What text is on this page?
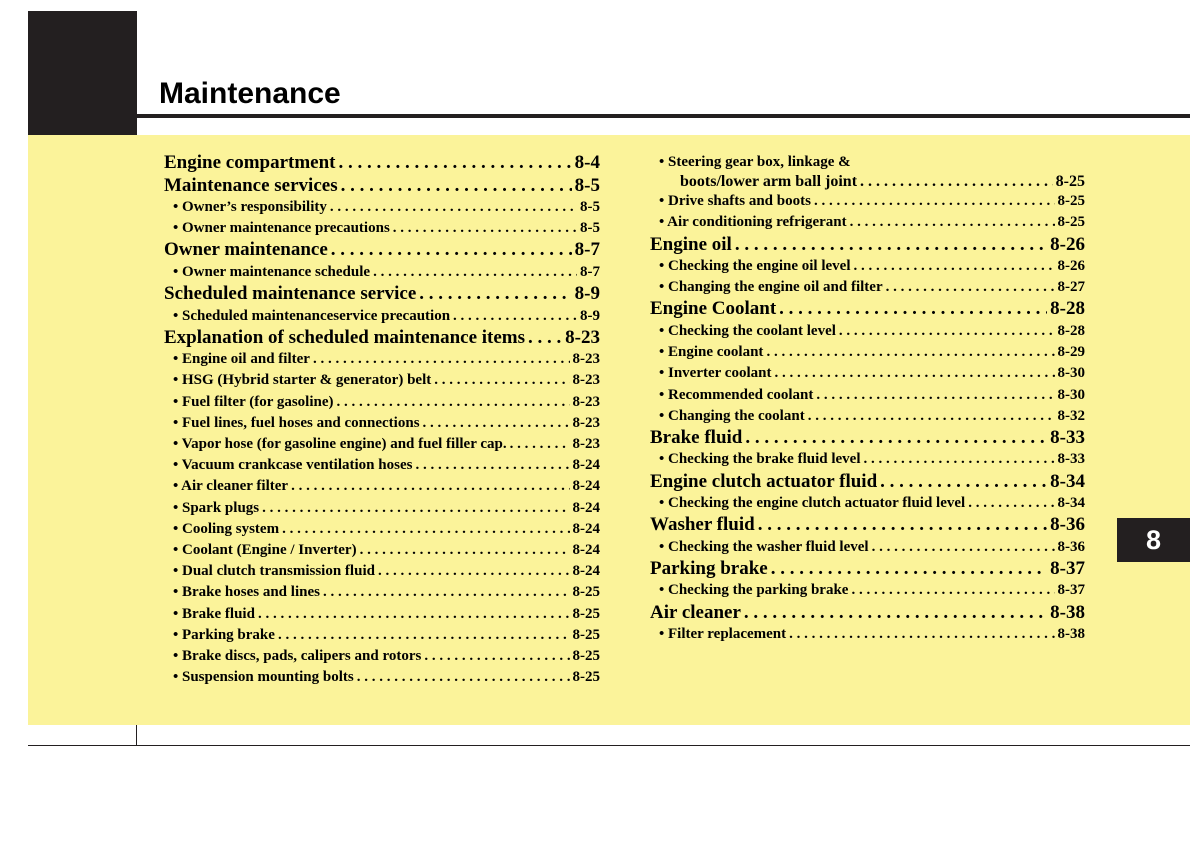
Maintenance
8
Engine compartment . . .	8-4
Maintenance services . . .	8-5
• Owner’s responsibility . . .	8-5
• Owner maintenance precautions . . .	8-5
Owner maintenance . . .	8-7
• Owner maintenance schedule . . .	8-7
Scheduled maintenance service . . .	8-9
• Scheduled maintenanceservice precaution . . .	8-9
Explanation of scheduled maintenance items . . . 8-23
• Engine oil and filter . . .	8-23
• HSG (Hybrid starter & generator) belt . . .	8-23
• Fuel filter (for gasoline) . . .	8-23
• Fuel lines, fuel hoses and connections . . .	8-23
• Vapor hose (for gasoline engine) and fuel filler cap. . . .	8-23
• Vacuum crankcase ventilation hoses . . .	8-24
• Air cleaner filter . . .	8-24
• Spark plugs . . .	8-24
• Cooling system . . .	8-24
• Coolant (Engine / Inverter) . . .	8-24
• Dual clutch transmission fluid . . .	8-24
• Brake hoses and lines . . .	8-25
• Brake fluid . . .	8-25
• Parking brake . . .	8-25
• Brake discs, pads, calipers and rotors . . .	8-25
• Suspension mounting bolts . . .	8-25
• Steering gear box, linkage &
boots/lower arm ball joint . . .	8-25
• Drive shafts and boots . . .	8-25
• Air conditioning refrigerant . . .	8-25
Engine oil . . .	8-26
• Checking the engine oil level . . .	8-26
• Changing the engine oil and filter . . .	8-27
Engine Coolant . . .	8-28
• Checking the coolant level . . .	8-28
• Engine coolant . . .	8-29
• Inverter coolant . . .	8-30
• Recommended coolant . . .	8-30
• Changing the coolant . . .	8-32
Brake fluid . . .	8-33
• Checking the brake fluid level . . .	8-33
Engine clutch actuator fluid . . .	8-34
• Checking the engine clutch actuator fluid level . . .	8-34
Washer fluid . . .	8-36
• Checking the washer fluid level . . .	8-36
Parking brake . . .	8-37
• Checking the parking brake . . .	8-37
Air cleaner . . .	8-38
• Filter replacement . . .	8-38
